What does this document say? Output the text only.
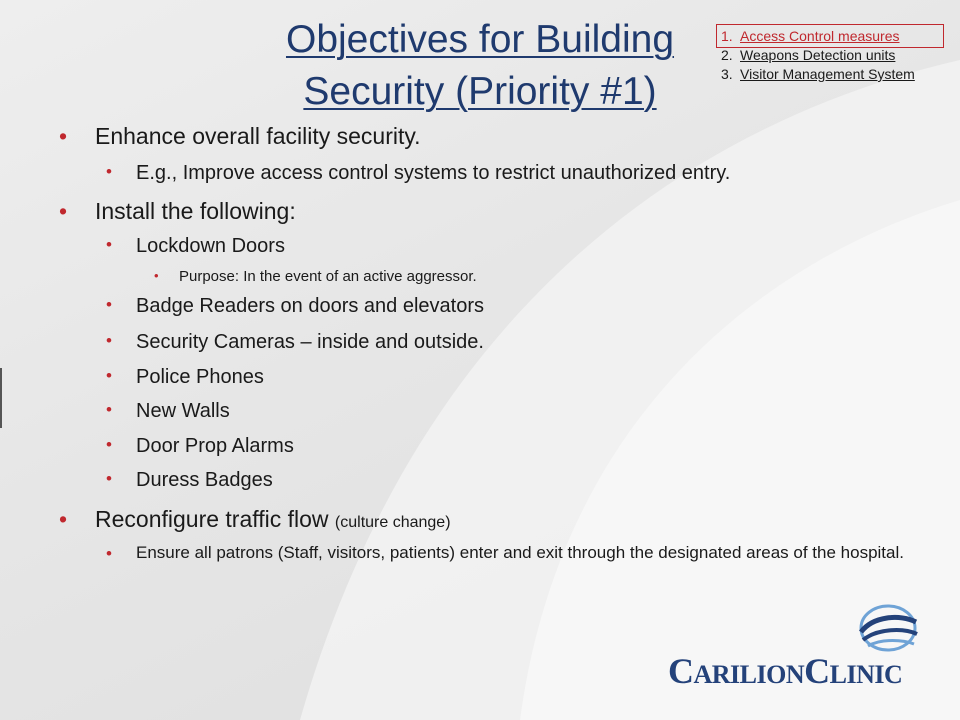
Objectives for Building
Security (Priority #1)
1. Access Control measures
2. Weapons Detection units
3. Visitor Management System

• Enhance overall facility security.

• E.g., Improve access control systems to restrict unauthorized entry.

• Install the following:

• Lockdown Doors

• Purpose: In the event of an active aggressor.

• Badge Readers on doors and elevators

• Security Cameras – inside and outside.

• Police Phones

• New Walls

• Door Prop Alarms

• Duress Badges

• Reconfigure traffic flow (culture change)

• Ensure all patrons (Staff, visitors, patients) enter and exit through the designated areas of the hospital.

CARILIONCLINIC
